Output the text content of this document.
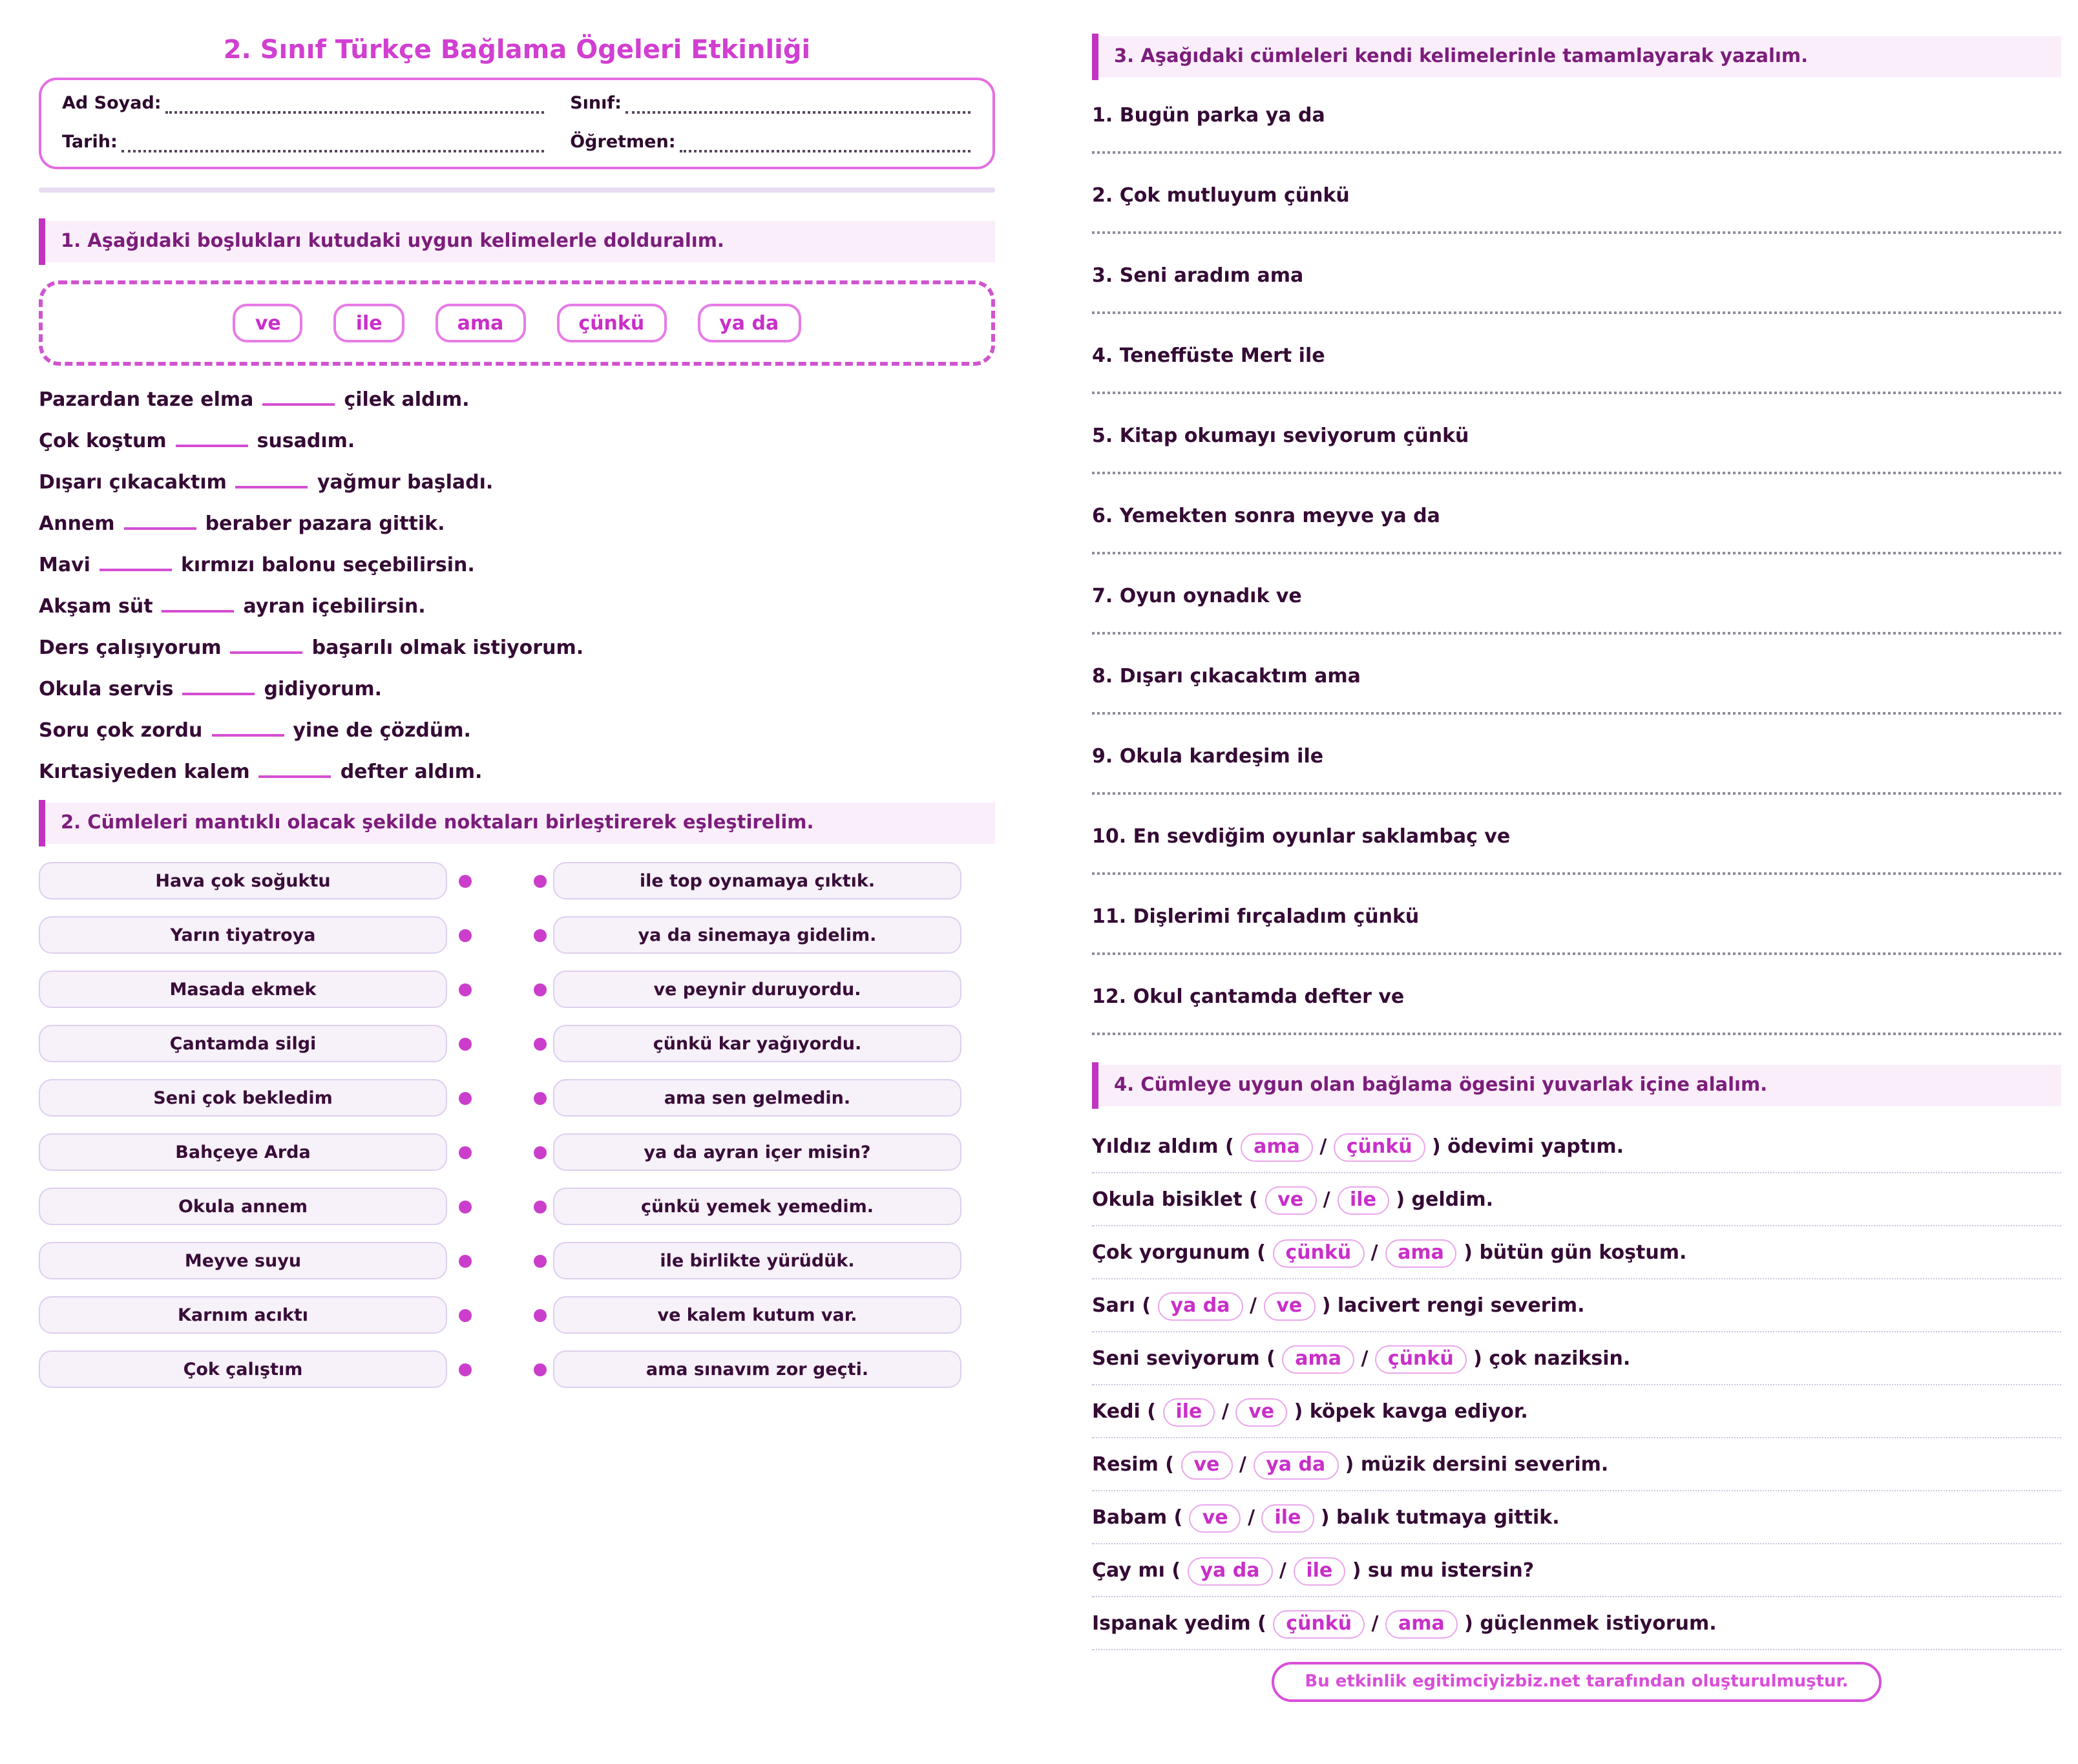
2. Sınıf Türkçe Bağlama Ögeleri Etkinliği
Ad Soyad:	Sınıf:
Tarih:	Öğretmen:
1. Aşağıdaki boşlukları kutudaki uygun kelimelerle dolduralım.
ve	ile	ama	çünkü	ya da
Pazardan taze elma	çilek aldım.
Çok koştum	susadım.
Dışarı çıkacaktım	yağmur başladı.
Annem	beraber pazara gittik.
Mavi	kırmızı balonu seçebilirsin.
Akşam süt	ayran içebilirsin.
Ders çalışıyorum	başarılı olmak istiyorum.
Okula servis	gidiyorum.
Soru çok zordu	yine de çözdüm.
Kırtasiyeden kalem	defter aldım.
2. Cümleleri mantıklı olacak şekilde noktaları birleştirerek eşleştirelim.
Hava çok soğuktu	ile top oynamaya çıktık.
Yarın tiyatroya	ya da sinemaya gidelim.
Masada ekmek	ve peynir duruyordu.
Çantamda silgi	çünkü kar yağıyordu.
Seni çok bekledim	ama sen gelmedin.
Bahçeye Arda	ya da ayran içer misin?
Okula annem	çünkü yemek yemedim.
Meyve suyu	ile birlikte yürüdük.
Karnım acıktı	ve kalem kutum var.
Çok çalıştım	ama sınavım zor geçti.
3. Aşağıdaki cümleleri kendi kelimelerinle tamamlayarak yazalım.
1. Bugün parka ya da
2. Çok mutluyum çünkü
3. Seni aradım ama
4. Teneffüste Mert ile
5. Kitap okumayı seviyorum çünkü
6. Yemekten sonra meyve ya da
7. Oyun oynadık ve
8. Dışarı çıkacaktım ama
9. Okula kardeşim ile
10. En sevdiğim oyunlar saklambaç ve
11. Dişlerimi fırçaladım çünkü
12. Okul çantamda defter ve
4. Cümleye uygun olan bağlama ögesini yuvarlak içine alalım.
Yıldız aldım ( ama / çünkü ) ödevimi yaptım.
Okula bisiklet ( ve / ile ) geldim.
Çok yorgunum ( çünkü / ama ) bütün gün koştum.
Sarı ( ya da / ve ) lacivert rengi severim.
Seni seviyorum ( ama / çünkü ) çok naziksin.
Kedi ( ile / ve ) köpek kavga ediyor.
Resim ( ve / ya da ) müzik dersini severim.
Babam ( ve / ile ) balık tutmaya gittik.
Çay mı ( ya da / ile ) su mu istersin?
Ispanak yedim ( çünkü / ama ) güçlenmek istiyorum.
Bu etkinlik egitimciyizbiz.net tarafından oluşturulmuştur.
